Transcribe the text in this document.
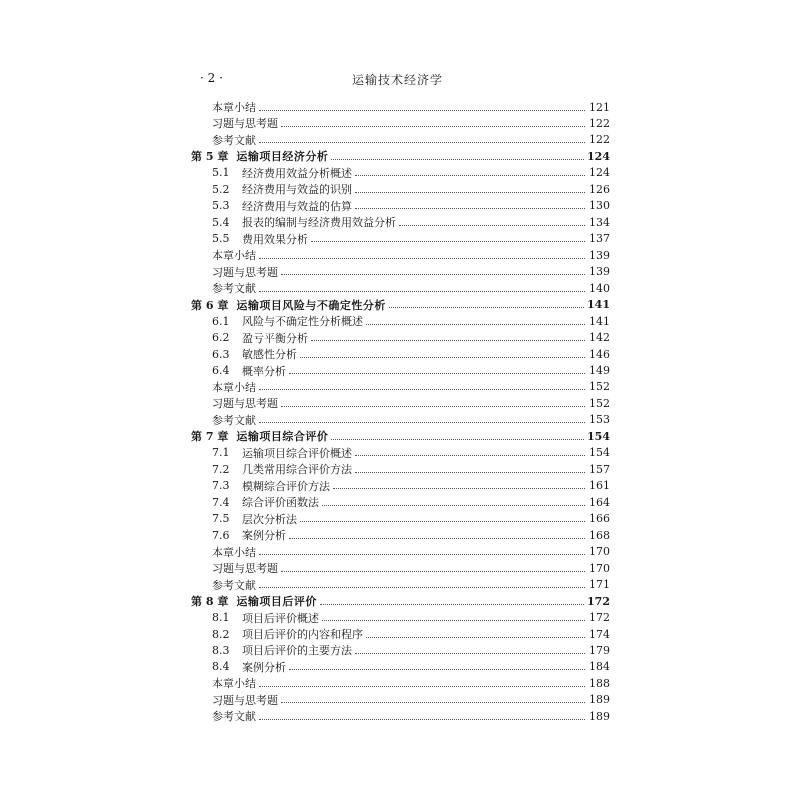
· 2 ·	运输技术经济学
本章小结	121
习题与思考题	122
参考文献	122
第 5 章 运输项目经济分析	124
5.1	经济费用效益分析概述	124
5.2	经济费用与效益的识别	126
5.3	经济费用与效益的估算	130
5.4	报表的编制与经济费用效益分析	134
5.5	费用效果分析	137
本章小结	139
习题与思考题	139
参考文献	140
第 6 章 运输项目风险与不确定性分析	141
6.1	风险与不确定性分析概述	141
6.2	盈亏平衡分析	142
6.3	敏感性分析	146
6.4	概率分析	149
本章小结	152
习题与思考题	152
参考文献	153
第 7 章 运输项目综合评价	154
7.1	运输项目综合评价概述	154
7.2	几类常用综合评价方法	157
7.3	模糊综合评价方法	161
7.4	综合评价函数法	164
7.5	层次分析法	166
7.6	案例分析	168
本章小结	170
习题与思考题	170
参考文献	171
第 8 章 运输项目后评价	172
8.1	项目后评价概述	172
8.2	项目后评价的内容和程序	174
8.3	项目后评价的主要方法	179
8.4	案例分析	184
本章小结	188
习题与思考题	189
参考文献	189
